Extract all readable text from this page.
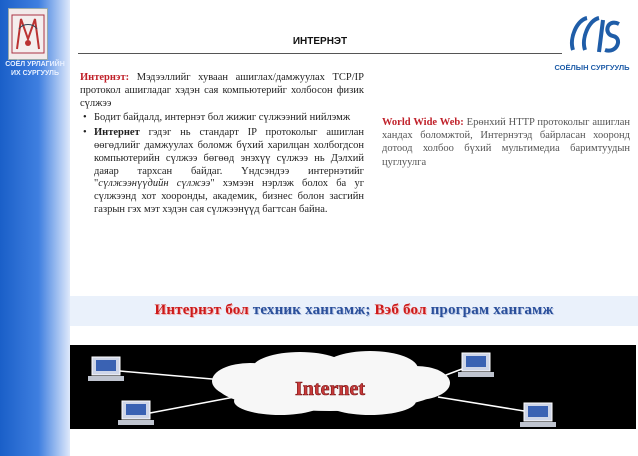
СОЁЛ УРЛАГИЙН ИХ СУРГУУЛЬ
ИНТЕРНЭТ
СОЁЛЫН СУРГУУЛЬ
Интернэт: Мэдээллийг хуваан ашиглах/дамжуулах TCP/IP протокол ашигладаг хэдэн сая компьютерийг холбосон физик сүлжээ
• Бодит байдалд, интернэт бол жижиг сүлжээний нийлэмж
• Интернет гэдэг нь стандарт IP протоколыг ашиглан өөгөдлийг дамжуулах боломж бүхий харилцан холбогдсон компьютерийн сүлжээ бөгөөд энэхүү сүлжээ нь Дэлхий даяар тархсан байдаг. Үндсэндээ интернэтийг "сүлжээнүүдийн сүлжээ" хэмээн нэрлэж болох ба уг сүлжээнд хот хооронды, академик, бизнес болон засгийн газрын гэх мэт хэдэн сая сүлжээнүүд багтсан байна.
World Wide Web: Ерөнхий HTTP протоколыг ашиглан хандах боломжтой, Интернэтэд байрласан хооронд дотоод холбоо бүхий мультимедиа баримтуудын цуглуулга
Интернэт бол техник хангамж; Вэб бол програм хангамж
Internet
